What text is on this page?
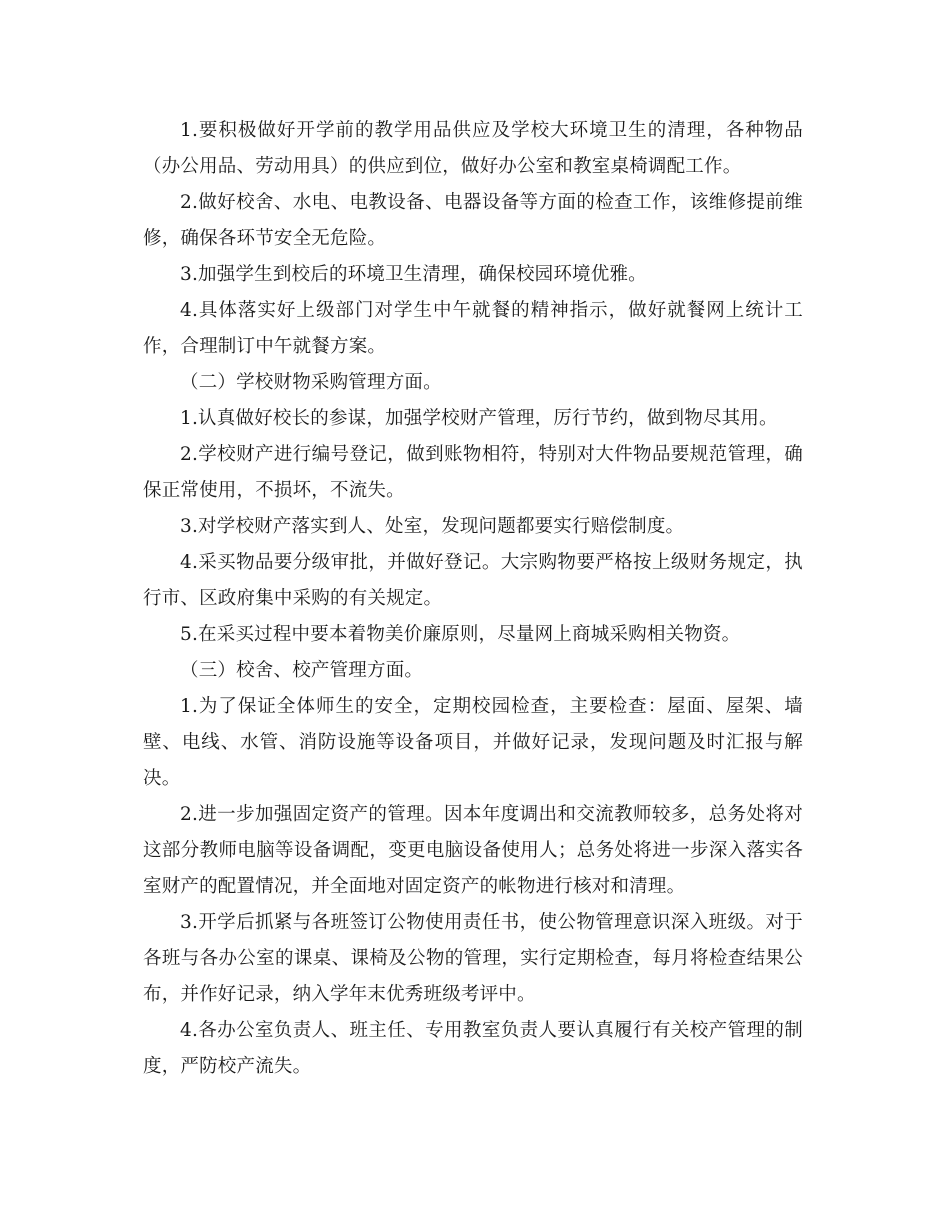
1.要积极做好开学前的教学用品供应及学校大环境卫生的清理，各种物品（办公用品、劳动用具）的供应到位，做好办公室和教室桌椅调配工作。

2.做好校舍、水电、电教设备、电器设备等方面的检查工作，该维修提前维修，确保各环节安全无危险。

3.加强学生到校后的环境卫生清理，确保校园环境优雅。

4.具体落实好上级部门对学生中午就餐的精神指示，做好就餐网上统计工作，合理制订中午就餐方案。

（二）学校财物采购管理方面。

1.认真做好校长的参谋，加强学校财产管理，厉行节约，做到物尽其用。

2.学校财产进行编号登记，做到账物相符，特别对大件物品要规范管理，确保正常使用，不损坏，不流失。

3.对学校财产落实到人、处室，发现问题都要实行赔偿制度。

4.采买物品要分级审批，并做好登记。大宗购物要严格按上级财务规定，执行市、区政府集中采购的有关规定。

5.在采买过程中要本着物美价廉原则，尽量网上商城采购相关物资。

（三）校舍、校产管理方面。

1.为了保证全体师生的安全，定期校园检查，主要检查：屋面、屋架、墙壁、电线、水管、消防设施等设备项目，并做好记录，发现问题及时汇报与解决。

2.进一步加强固定资产的管理。因本年度调出和交流教师较多，总务处将对这部分教师电脑等设备调配，变更电脑设备使用人；总务处将进一步深入落实各室财产的配置情况，并全面地对固定资产的帐物进行核对和清理。

3.开学后抓紧与各班签订公物使用责任书，使公物管理意识深入班级。对于各班与各办公室的课桌、课椅及公物的管理，实行定期检查，每月将检查结果公布，并作好记录，纳入学年末优秀班级考评中。

4.各办公室负责人、班主任、专用教室负责人要认真履行有关校产管理的制度，严防校产流失。
